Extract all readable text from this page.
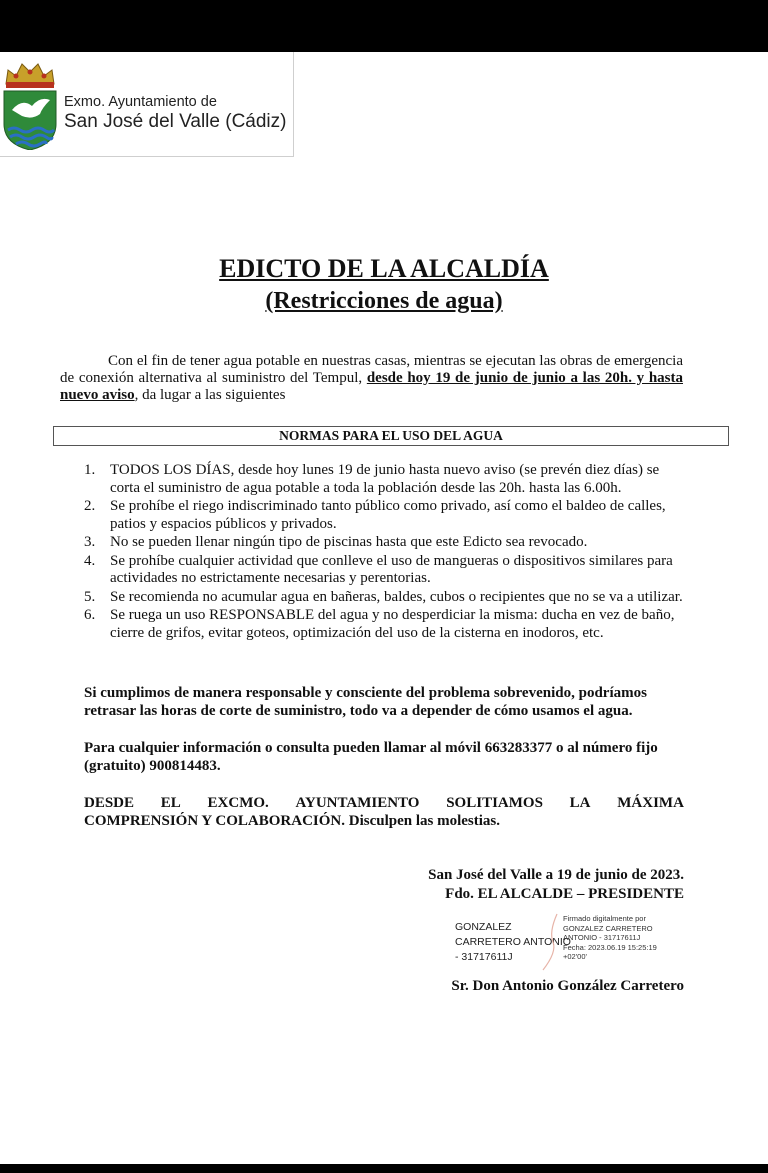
Exmo. Ayuntamiento de
San José del Valle (Cádiz)
EDICTO DE LA ALCALDÍA
(Restricciones de agua)
Con el fin de tener agua potable en nuestras casas, mientras se ejecutan las obras de emergencia de conexión alternativa al suministro del Tempul, desde hoy 19 de junio de junio a las 20h. y hasta nuevo aviso, da lugar a las siguientes
NORMAS PARA EL USO DEL AGUA
1. TODOS LOS DÍAS, desde hoy lunes 19 de junio hasta nuevo aviso (se prevén diez días) se corta el suministro de agua potable a toda la población desde las 20h. hasta las 6.00h.
2. Se prohíbe el riego indiscriminado tanto público como privado, así como el baldeo de calles, patios y espacios públicos y privados.
3. No se pueden llenar ningún tipo de piscinas hasta que este Edicto sea revocado.
4. Se prohíbe cualquier actividad que conlleve el uso de mangueras o dispositivos similares para actividades no estrictamente necesarias y perentorias.
5. Se recomienda no acumular agua en bañeras, baldes, cubos o recipientes que no se va a utilizar.
6. Se ruega un uso RESPONSABLE del agua y no desperdiciar la misma: ducha en vez de baño, cierre de grifos, evitar goteos, optimización del uso de la cisterna en inodoros, etc.
Si cumplimos de manera responsable y consciente del problema sobrevenido, podríamos retrasar las horas de corte de suministro, todo va a depender de cómo usamos el agua.
Para cualquier información o consulta pueden llamar al móvil 663283377 o al número fijo (gratuito) 900814483.
DESDE EL EXCMO. AYUNTAMIENTO SOLITIAMOS LA MÁXIMA
COMPRENSIÓN Y COLABORACIÓN. Disculpen las molestias.
San José del Valle a 19 de junio de 2023.
Fdo. EL ALCALDE – PRESIDENTE
GONZALEZ
CARRETERO ANTONIO
- 31717611J
Firmado digitalmente por
GONZALEZ CARRETERO
ANTONIO - 31717611J
Fecha: 2023.06.19 15:25:19
+02'00'
Sr. Don Antonio González Carretero
